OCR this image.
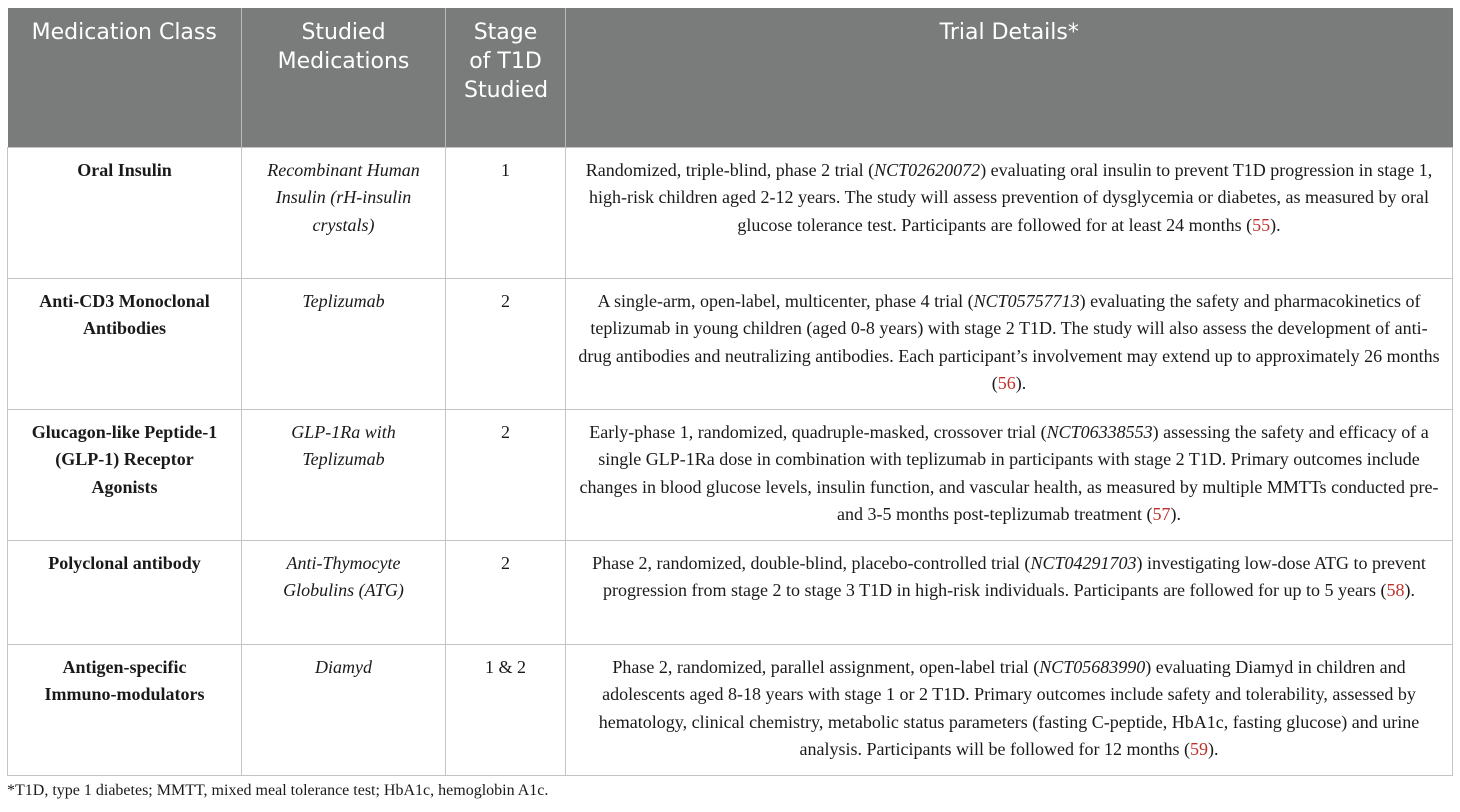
Medication Class	Studied Medications	Stage of T1D Studied	Trial Details*
Oral Insulin	Recombinant Human Insulin (rH-insulin crystals)	1	Randomized, triple-blind, phase 2 trial (NCT02620072) evaluating oral insulin to prevent T1D progression in stage 1, high-risk children aged 2-12 years. The study will assess prevention of dysglycemia or diabetes, as measured by oral glucose tolerance test. Participants are followed for at least 24 months (55).
Anti-CD3 Monoclonal Antibodies	Teplizumab	2	A single-arm, open-label, multicenter, phase 4 trial (NCT05757713) evaluating the safety and pharmacokinetics of teplizumab in young children (aged 0-8 years) with stage 2 T1D. The study will also assess the development of anti-drug antibodies and neutralizing antibodies. Each participant’s involvement may extend up to approximately 26 months (56).
Glucagon-like Peptide-1 (GLP-1) Receptor Agonists	GLP-1Ra with Teplizumab	2	Early-phase 1, randomized, quadruple-masked, crossover trial (NCT06338553) assessing the safety and efficacy of a single GLP-1Ra dose in combination with teplizumab in participants with stage 2 T1D. Primary outcomes include changes in blood glucose levels, insulin function, and vascular health, as measured by multiple MMTTs conducted pre- and 3-5 months post-teplizumab treatment (57).
Polyclonal antibody	Anti-Thymocyte Globulins (ATG)	2	Phase 2, randomized, double-blind, placebo-controlled trial (NCT04291703) investigating low-dose ATG to prevent progression from stage 2 to stage 3 T1D in high-risk individuals. Participants are followed for up to 5 years (58).
Antigen-specific Immuno-modulators	Diamyd	1 & 2	Phase 2, randomized, parallel assignment, open-label trial (NCT05683990) evaluating Diamyd in children and adolescents aged 8-18 years with stage 1 or 2 T1D. Primary outcomes include safety and tolerability, assessed by hematology, clinical chemistry, metabolic status parameters (fasting C-peptide, HbA1c, fasting glucose) and urine analysis. Participants will be followed for 12 months (59).
*T1D, type 1 diabetes; MMTT, mixed meal tolerance test; HbA1c, hemoglobin A1c.
